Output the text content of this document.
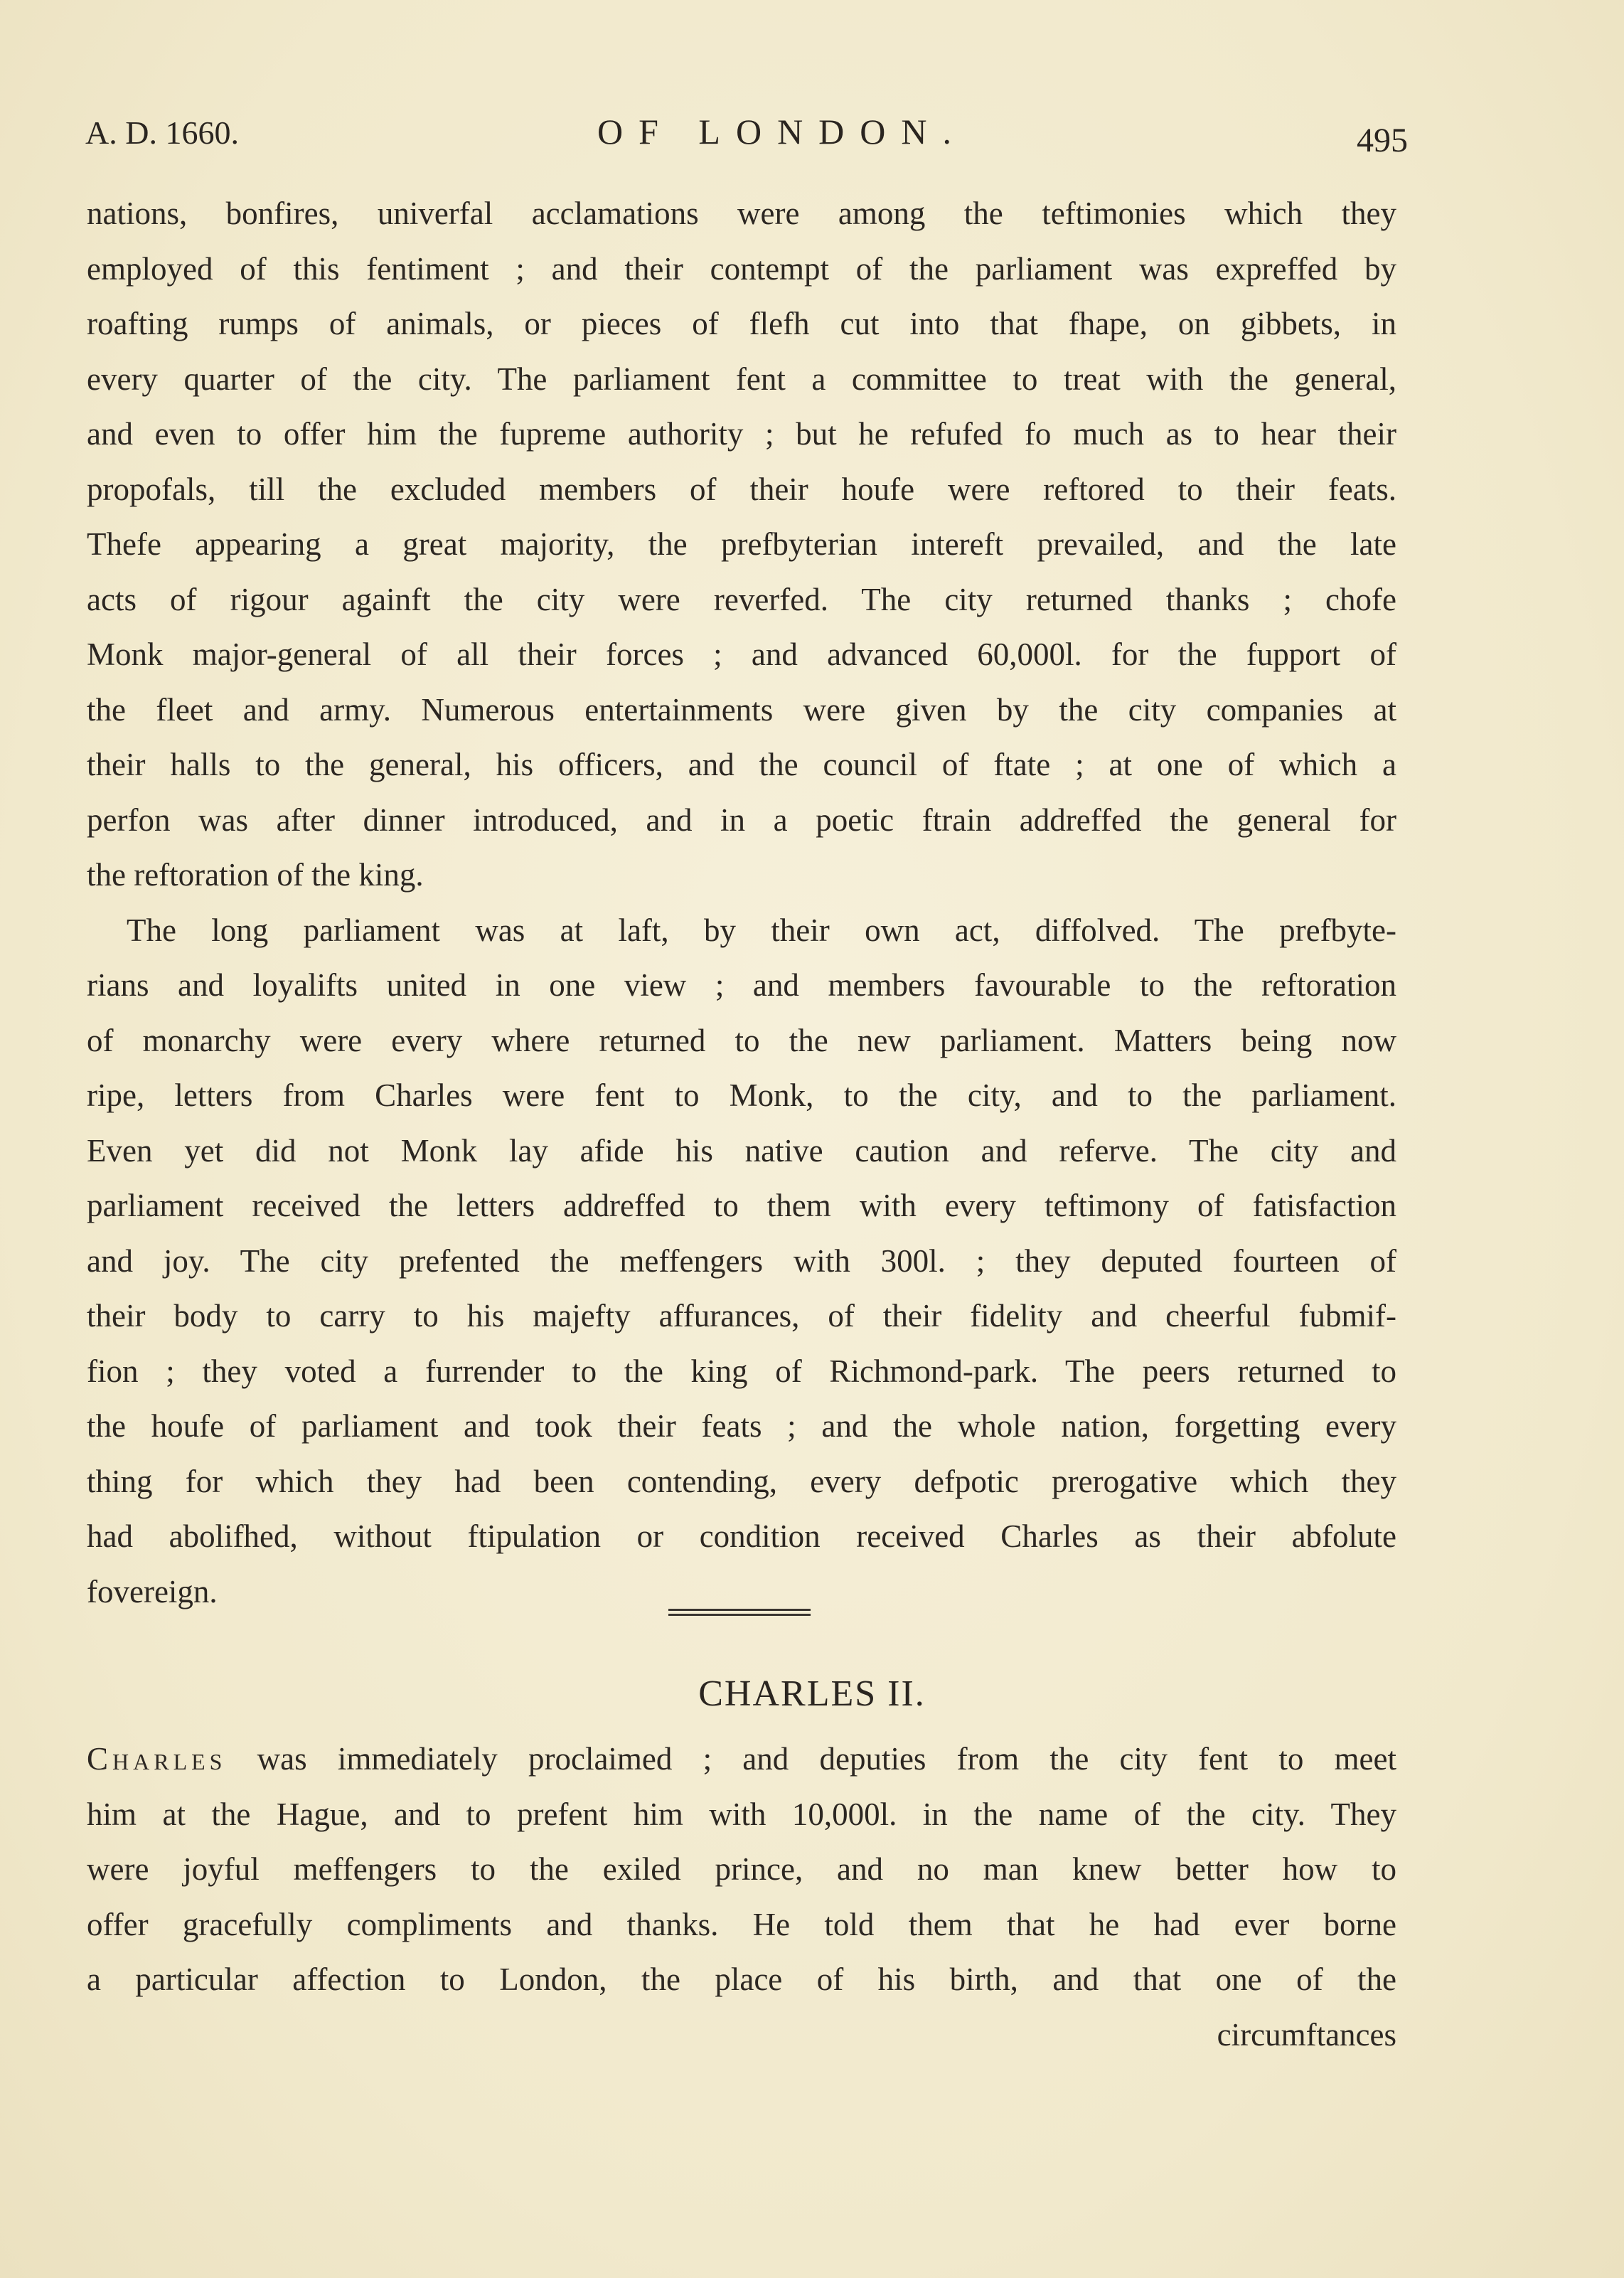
A. D. 1660.	OF LONDON.	495
nations, bonfires, univerfal acclamations were among the teftimonies which they
employed of this fentiment ; and their contempt of the parliament was expreffed by
roafting rumps of animals, or pieces of flefh cut into that fhape, on gibbets, in
every quarter of the city. The parliament fent a committee to treat with the general,
and even to offer him the fupreme authority ; but he refufed fo much as to hear their
propofals, till the excluded members of their houfe were reftored to their feats.
Thefe appearing a great majority, the prefbyterian intereft prevailed, and the late
acts of rigour againft the city were reverfed. The city returned thanks ; chofe
Monk major-general of all their forces ; and advanced 60,000l. for the fupport of
the fleet and army. Numerous entertainments were given by the city companies at
their halls to the general, his officers, and the council of ftate ; at one of which a
perfon was after dinner introduced, and in a poetic ftrain addreffed the general for
the reftoration of the king.
The long parliament was at laft, by their own act, diffolved. The prefbyte-
rians and loyalifts united in one view ; and members favourable to the reftoration
of monarchy were every where returned to the new parliament. Matters being now
ripe, letters from Charles were fent to Monk, to the city, and to the parliament.
Even yet did not Monk lay afide his native caution and referve. The city and
parliament received the letters addreffed to them with every teftimony of fatisfaction
and joy. The city prefented the meffengers with 300l. ; they deputed fourteen of
their body to carry to his majefty affurances, of their fidelity and cheerful fubmif-
fion ; they voted a furrender to the king of Richmond-park. The peers returned to
the houfe of parliament and took their feats ; and the whole nation, forgetting every
thing for which they had been contending, every defpotic prerogative which they
had abolifhed, without ftipulation or condition received Charles as their abfolute
fovereign.
CHARLES II.
Charles was immediately proclaimed ; and deputies from the city fent to meet
him at the Hague, and to prefent him with 10,000l. in the name of the city. They
were joyful meffengers to the exiled prince, and no man knew better how to
offer gracefully compliments and thanks. He told them that he had ever borne
a particular affection to London, the place of his birth, and that one of the
circumftances
